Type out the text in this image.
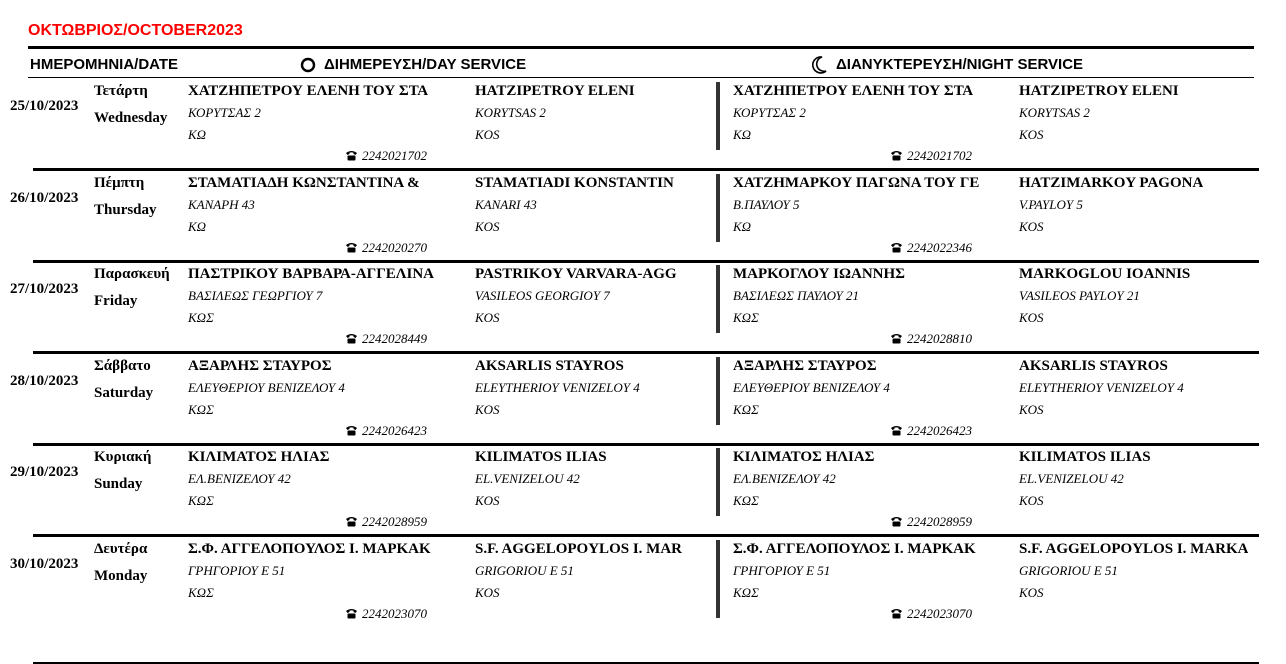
ΟΚΤΩΒΡΙΟΣ/OCTOBER2023
ΗΜΕΡΟΜΗΝΙΑ/DATE	ΔΙΗΜΕΡΕΥΣΗ/DAY SERVICE	ΔΙΑΝΥΚΤΕΡΕΥΣΗ/NIGHT SERVICE
25/10/2023
Τετάρτη
Wednesday
ΧΑΤΖΗΠΕΤΡΟΥ ΕΛΕΝΗ ΤΟΥ ΣΤΑ
ΚΟΡΥΤΣΑΣ 2
ΚΩ
HATZIPETROY ELENI
KORYTSAS 2
KOS
2242021702
ΧΑΤΖΗΠΕΤΡΟΥ ΕΛΕΝΗ ΤΟΥ ΣΤΑ
ΚΟΡΥΤΣΑΣ 2
ΚΩ
HATZIPETROY ELENI
KORYTSAS 2
KOS
2242021702
26/10/2023
Πέμπτη
Thursday
ΣΤΑΜΑΤΙΑΔΗ ΚΩΝΣΤΑΝΤΙΝΑ &
ΚΑΝΑΡΗ 43
ΚΩ
STAMATIADI KONSTANTIN
KANARI 43
KOS
2242020270
ΧΑΤΖΗΜΑΡΚΟΥ ΠΑΓΩΝΑ ΤΟΥ ΓΕ
Β.ΠΑΥΛΟΥ 5
ΚΩ
HATZIMARKOY PAGONA
V.PAYLOY 5
KOS
2242022346
27/10/2023
Παρασκευή
Friday
ΠΑΣΤΡΙΚΟΥ ΒΑΡΒΑΡΑ-ΑΓΓΕΛΙΝΑ
ΒΑΣΙΛΕΩΣ ΓΕΩΡΓΙΟΥ 7
ΚΩΣ
PASTRIKOY VARVARA-AGG
VASILEOS GEORGIOY 7
KOS
2242028449
ΜΑΡΚΟΓΛΟΥ ΙΩΑΝΝΗΣ
ΒΑΣΙΛΕΩΣ ΠΑΥΛΟΥ 21
ΚΩΣ
MARKOGLOU IOANNIS
VASILEOS PAYLOY 21
KOS
2242028810
28/10/2023
Σάββατο
Saturday
ΑΞΑΡΛΗΣ ΣΤΑΥΡΟΣ
ΕΛΕΥΘΕΡΙΟΥ ΒΕΝΙΖΕΛΟΥ 4
ΚΩΣ
AKSARLIS STAYROS
ELEYTHERIOY VENIZELOY 4
KOS
2242026423
ΑΞΑΡΛΗΣ ΣΤΑΥΡΟΣ
ΕΛΕΥΘΕΡΙΟΥ ΒΕΝΙΖΕΛΟΥ 4
ΚΩΣ
AKSARLIS STAYROS
ELEYTHERIOY VENIZELOY 4
KOS
2242026423
29/10/2023
Κυριακή
Sunday
ΚΙΛΙΜΑΤΟΣ ΗΛΙΑΣ
ΕΛ.ΒΕΝΙΖΕΛΟΥ 42
ΚΩΣ
KILIMATOS ILIAS
EL.VENIZELOU 42
KOS
2242028959
ΚΙΛΙΜΑΤΟΣ ΗΛΙΑΣ
ΕΛ.ΒΕΝΙΖΕΛΟΥ 42
ΚΩΣ
KILIMATOS ILIAS
EL.VENIZELOU 42
KOS
2242028959
30/10/2023
Δευτέρα
Monday
Σ.Φ. ΑΓΓΕΛΟΠΟΥΛΟΣ Ι. ΜΑΡΚΑΚ
ΓΡΗΓΟΡΙΟΥ Ε 51
ΚΩΣ
S.F. AGGELOPOYLOS I. MAR
GRIGORIOU E 51
KOS
2242023070
Σ.Φ. ΑΓΓΕΛΟΠΟΥΛΟΣ Ι. ΜΑΡΚΑΚ
ΓΡΗΓΟΡΙΟΥ Ε 51
ΚΩΣ
S.F. AGGELOPOYLOS I. MARKA
GRIGORIOU E 51
KOS
2242023070
